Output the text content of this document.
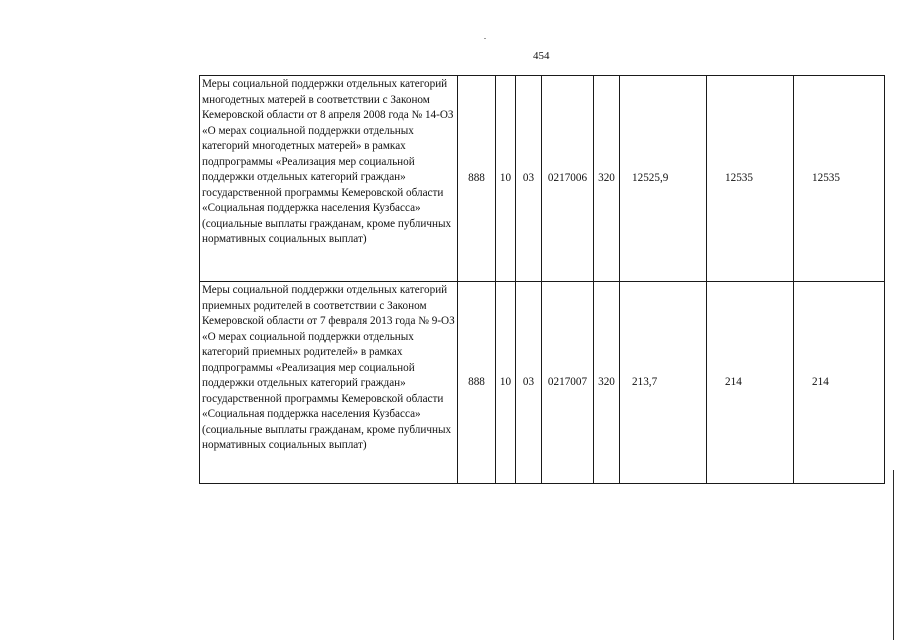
454
Меры социальной поддержки отдельных категорий многодетных матерей в соответствии с Законом Кемеровской области от 8 апреля 2008 года № 14-ОЗ «О мерах социальной поддержки отдельных категорий многодетных матерей» в рамках подпрограммы «Реализация мер социальной поддержки отдельных категорий граждан» государственной программы Кемеровской области «Социальная поддержка населения Кузбасса» (социальные выплаты гражданам, кроме публичных нормативных социальных выплат)	888	10	03	0217006	320	12525,9	12535	12535
Меры социальной поддержки отдельных категорий приемных родителей в соответствии с Законом Кемеровской области от 7 февраля 2013 года № 9-ОЗ «О мерах социальной поддержки отдельных категорий приемных родителей» в рамках подпрограммы «Реализация мер социальной поддержки отдельных категорий граждан» государственной программы Кемеровской области «Социальная поддержка населения Кузбасса» (социальные выплаты гражданам, кроме публичных нормативных социальных выплат)	888	10	03	0217007	320	213,7	214	214
